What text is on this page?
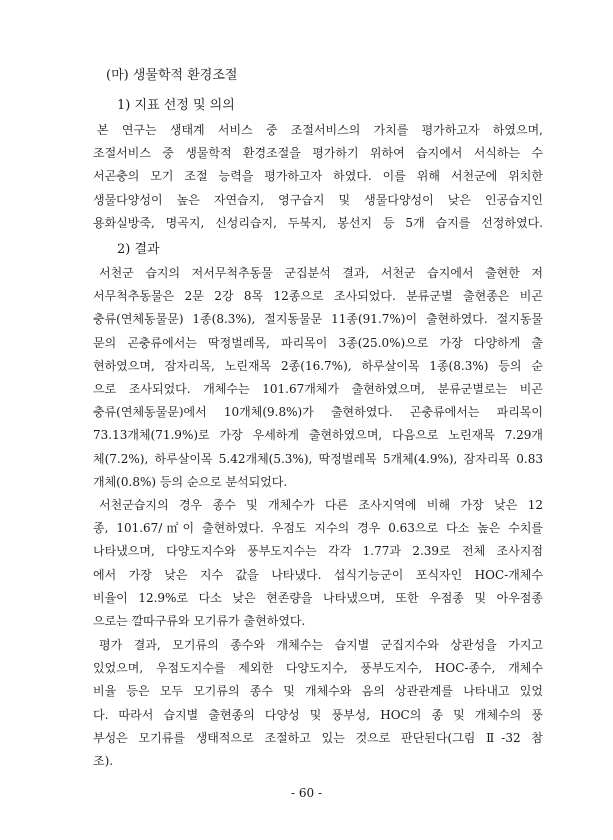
(마) 생물학적 환경조절
1) 지표 선정 및 의의
본 연구는 생태계 서비스 중 조절서비스의 가치를 평가하고자 하였으며,
조절서비스 중 생물학적 환경조절을 평가하기 위하여 습지에서 서식하는 수
서곤충의 모기 조절 능력을 평가하고자 하였다. 이를 위해 서천군에 위치한
생물다양성이 높은 자연습지, 영구습지 및 생물다양성이 낮은 인공습지인
용화실방죽, 명곡지, 신성리습지, 두북지, 봉선지 등 5개 습지를 선정하였다.
2) 결과
서천군 습지의 저서무척추동물 군집분석 결과, 서천군 습지에서 출현한 저
서무척추동물은 2문 2강 8목 12종으로 조사되었다. 분류군별 출현종은 비곤
충류(연체동물문) 1종(8.3%), 절지동물문 11종(91.7%)이 출현하였다. 절지동물
문의 곤충류에서는 딱정벌레목, 파리목이 3종(25.0%)으로 가장 다양하게 출
현하였으며, 잠자리목, 노린재목 2종(16.7%), 하루살이목 1종(8.3%) 등의 순
으로 조사되었다. 개체수는 101.67개체가 출현하였으며, 분류군별로는 비곤
충류(연체동물문)에서 10개체(9.8%)가 출현하였다. 곤충류에서는 파리목이
73.13개체(71.9%)로 가장 우세하게 출현하였으며, 다음으로 노린재목 7.29개
체(7.2%), 하루살이목 5.42개체(5.3%), 딱정벌레목 5개체(4.9%), 잠자리목 0.83
개체(0.8%) 등의 순으로 분석되었다.
서천군습지의 경우 종수 및 개체수가 다른 조사지역에 비해 가장 낮은 12
종, 101.67/㎡이 출현하였다. 우점도 지수의 경우 0.63으로 다소 높은 수치를
나타냈으며, 다양도지수와 풍부도지수는 각각 1.77과 2.39로 전체 조사지점
에서 가장 낮은 지수 값을 나타냈다. 섭식기능군이 포식자인 HOC-개체수
비율이 12.9%로 다소 낮은 현존량을 나타냈으며, 또한 우점종 및 아우점종
으로는 깔따구류와 모기류가 출현하였다.
평가 결과, 모기류의 종수와 개체수는 습지별 군집지수와 상관성을 가지고
있었으며, 우점도지수를 제외한 다양도지수, 풍부도지수, HOC-종수, 개체수
비율 등은 모두 모기류의 종수 및 개체수와 음의 상관관계를 나타내고 있었
다. 따라서 습지별 출현종의 다양성 및 풍부성, HOC의 종 및 개체수의 풍
부성은 모기류를 생태적으로 조절하고 있는 것으로 판단된다(그림 Ⅱ-32 참
조).
- 60 -
